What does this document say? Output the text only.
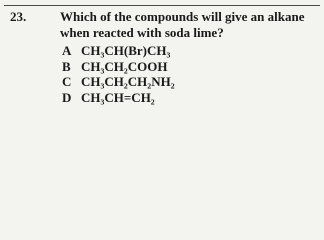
23.	Which of the compounds will give an alkane
when reacted with soda lime?
A CH₃CH(Br)CH₃
B CH₃CH₂COOH
C CH₃CH₂CH₂NH₂
D CH₃CH=CH₂
